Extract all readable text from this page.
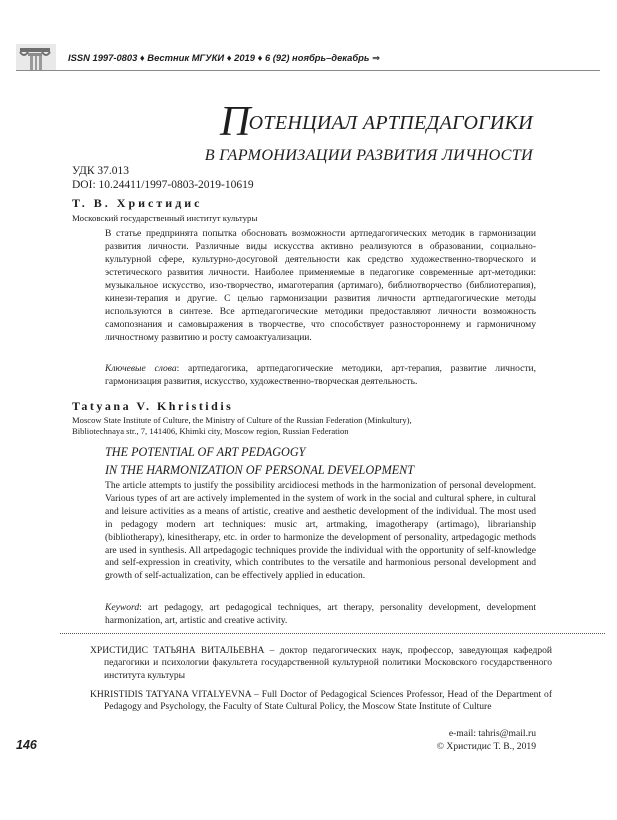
ISSN 1997-0803 ♦ Вестник МГУКИ ♦ 2019 ♦ 6 (92) ноябрь–декабрь ⇒
ПОТЕНЦИАЛ АРТПЕДАГОГИКИ
В ГАРМОНИЗАЦИИ РАЗВИТИЯ ЛИЧНОСТИ
УДК 37.013
DOI: 10.24411/1997-0803-2019-10619
Т. В. Христидис
Московский государственный институт культуры
В статье предпринята попытка обосновать возможности артпедагогических методик в гармонизации развития личности. Различные виды искусства активно реализуются в образовании, социально-культурной сфере, культурно-досуговой деятельности как средство художественно-творческого и эстетического развития личности. Наиболее применяемые в педагогике современные арт-методики: музыкальное искусство, изо-творчество, имаготерапия (артимаго), библиотворчество (библиотерапия), кинези-терапия и другие. С целью гармонизации развития личности артпедагогические методы используются в синтезе. Все артпедагогические методики предоставляют личности возможность самопознания и самовыражения в творчестве, что способствует разностороннему и гармоничному личностному развитию и росту самоактуализации.
Ключевые слова: артпедагогика, артпедагогические методики, арт-терапия, развитие личности, гармонизация развития, искусство, художественно-творческая деятельность.
Tatyana V. Khristidis
Moscow State Institute of Culture, the Ministry of Culture of the Russian Federation (Minkultury),
Bibliotechnaya str., 7, 141406, Khimki city, Moscow region, Russian Federation
THE POTENTIAL OF ART PEDAGOGY
IN THE HARMONIZATION OF PERSONAL DEVELOPMENT
The article attempts to justify the possibility arcidiocesi methods in the harmonization of personal development. Various types of art are actively implemented in the system of work in the social and cultural sphere, in cultural and leisure activities as a means of artistic, creative and aesthetic development of the individual. The most used in pedagogy modern art techniques: music art, artmaking, imagotherapy (artimago), librarianship (bibliotherapy), kinesitherapy, etc. in order to harmonize the development of personality, artpedagogic methods are used in synthesis. All artpedagogic techniques provide the individual with the opportunity of self-knowledge and self-expression in creativity, which contributes to the versatile and harmonious personal development and growth of self-actualization, can be effectively applied in education.
Keyword: art pedagogy, art pedagogical techniques, art therapy, personality development, development harmonization, art, artistic and creative activity.
ХРИСТИДИС ТАТЬЯНА ВИТАЛЬЕВНА – доктор педагогических наук, профессор, заведующая кафедрой педагогики и психологии факультета государственной культурной политики Московского государственного института культуры
KHRISTIDIS TATYANA VITALYEVNA – Full Doctor of Pedagogical Sciences Professor, Head of the Department of Pedagogy and Psychology, the Faculty of State Cultural Policy, the Moscow State Institute of Culture
e-mail: tahris@mail.ru
© Христидис Т. В., 2019
146
